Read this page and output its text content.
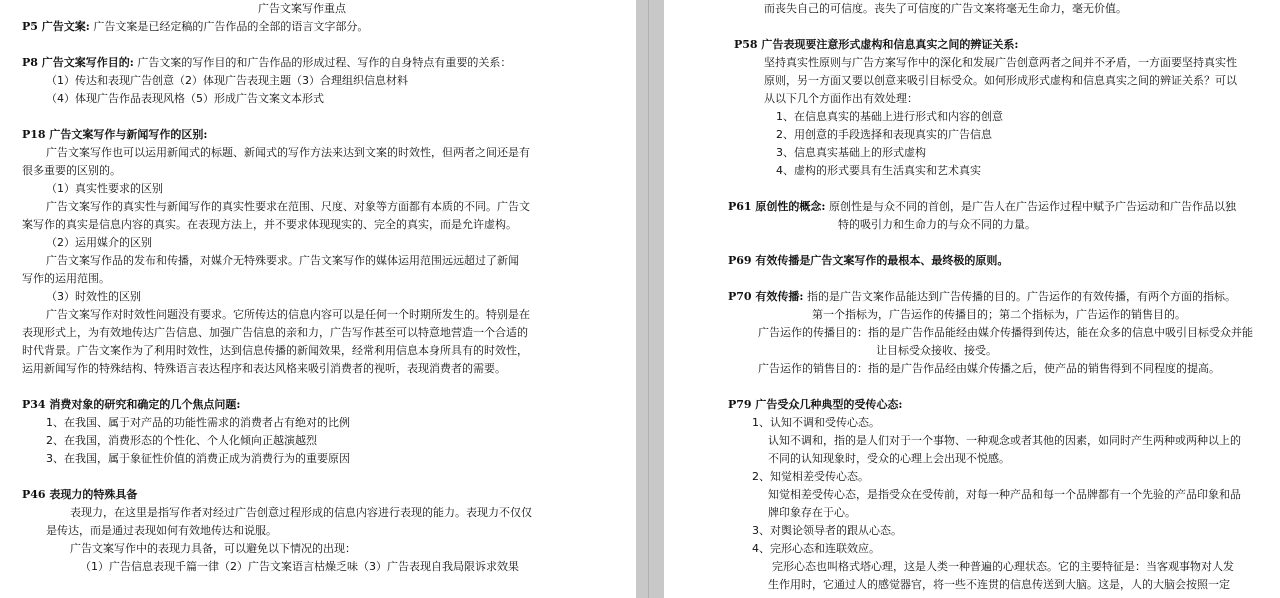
广告文案写作重点
P5 广告文案: 广告文案是已经定稿的广告作品的全部的语言文字部分。
P8 广告文案写作目的: 广告文案的写作目的和广告作品的形成过程、写作的自身特点有重要的关系：
（1）传达和表现广告创意（2）体现广告表现主题（3）合理组织信息材料
（4）体现广告作品表现风格（5）形成广告文案文本形式
P18 广告文案写作与新闻写作的区别:
广告文案写作也可以运用新闻式的标题、新闻式的写作方法来达到文案的时效性，但两者之间还是有
很多重要的区别的。
（1）真实性要求的区别
广告文案写作的真实性与新闻写作的真实性要求在范围、尺度、对象等方面都有本质的不同。广告文
案写作的真实是信息内容的真实。在表现方法上，并不要求体现现实的、完全的真实，而是允许虚构。
（2）运用媒介的区别
广告文案写作品的发布和传播，对媒介无特殊要求。广告文案写作的媒体运用范围远远超过了新闻
写作的运用范围。
（3）时效性的区别
广告文案写作对时效性问题没有要求。它所传达的信息内容可以是任何一个时期所发生的。特别是在
表现形式上，为有效地传达广告信息、加强广告信息的亲和力，广告写作甚至可以特意地营造一个合适的
时代背景。广告文案作为了利用时效性，达到信息传播的新闻效果，经常利用信息本身所具有的时效性，
运用新闻写作的特殊结构、特殊语言表达程序和表达风格来吸引消费者的视听，表现消费者的需要。
P34 消费对象的研究和确定的几个焦点问题:
1、在我国、属于对产品的功能性需求的消费者占有绝对的比例
2、在我国，消费形态的个性化、个人化倾向正越演越烈
3、在我国，属于象征性价值的消费正成为消费行为的重要原因
P46 表现力的特殊具备
表现力，在这里是指写作者对经过广告创意过程形成的信息内容进行表现的能力。表现力不仅仅
是传达，而是通过表现如何有效地传达和说服。
广告文案写作中的表现力具备，可以避免以下情况的出现：
（1）广告信息表现千篇一律（2）广告文案语言枯燥乏味（3）广告表现自我局限诉求效果
而丧失自己的可信度。丧失了可信度的广告文案将毫无生命力，毫无价值。
P58 广告表现要注意形式虚构和信息真实之间的辨证关系:
坚持真实性原则与广告方案写作中的深化和发展广告创意两者之间并不矛盾，一方面要坚持真实性
原则，另一方面又要以创意来吸引目标受众。如何形成形式虚构和信息真实之间的辨证关系？可以
从以下几个方面作出有效处理：
1、在信息真实的基础上进行形式和内容的创意
2、用创意的手段选择和表现真实的广告信息
3、信息真实基础上的形式虚构
4、虚构的形式要具有生活真实和艺术真实
P61 原创性的概念: 原创性是与众不同的首创，是广告人在广告运作过程中赋予广告运动和广告作品以独
特的吸引力和生命力的与众不同的力量。
P69 有效传播是广告文案写作的最根本、最终极的原则。
P70 有效传播: 指的是广告文案作品能达到广告传播的目的。广告运作的有效传播，有两个方面的指标。
第一个指标为，广告运作的传播目的；第二个指标为，广告运作的销售目的。
广告运作的传播目的：指的是广告作品能经由媒介传播得到传达，能在众多的信息中吸引目标受众并能
让目标受众接收、接受。
广告运作的销售目的：指的是广告作品经由媒介传播之后，使产品的销售得到不同程度的提高。
P79 广告受众几种典型的受传心态:
1、认知不调和受传心态。
认知不调和，指的是人们对于一个事物、一种观念或者其他的因素，如同时产生两种或两种以上的
不同的认知现象时，受众的心理上会出现不悦感。
2、知觉相差受传心态。
知觉相差受传心态，是指受众在受传前，对每一种产品和每一个品牌都有一个先验的产品印象和品
牌印象存在于心。
3、对舆论领导者的跟从心态。
4、完形心态和连联效应。
完形心态也叫格式塔心理，这是人类一种普遍的心理状态。它的主要特征是：当客观事物对人发
生作用时，它通过人的感觉器官，将一些不连贯的信息传送到大脑。这是，人的大脑会按照一定
